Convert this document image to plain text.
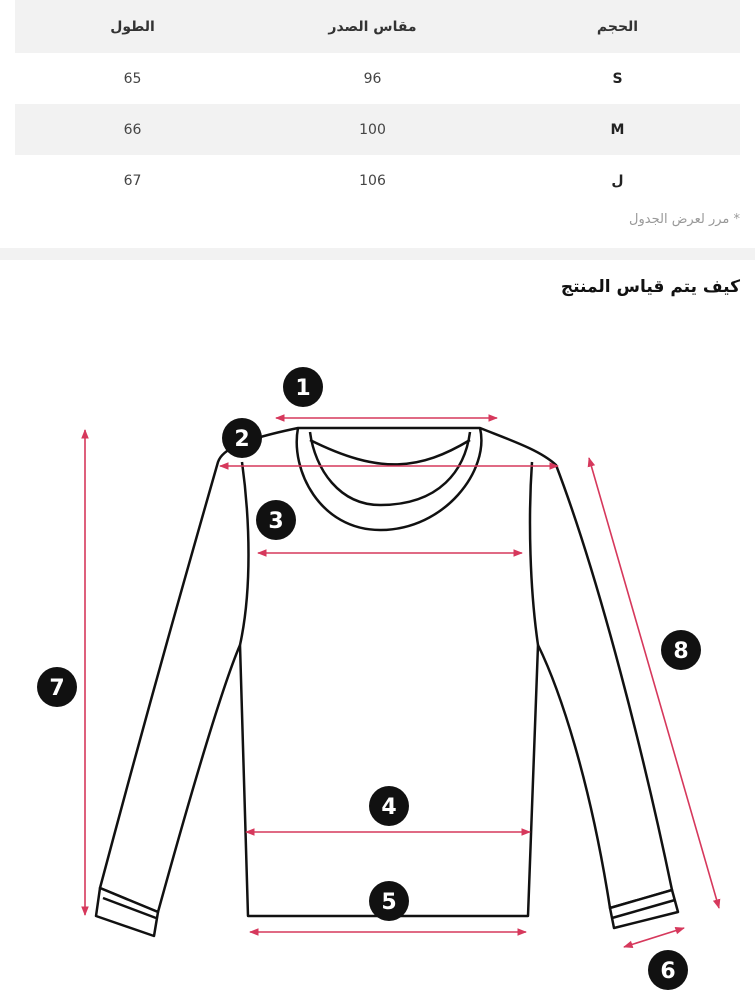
الحجم	مقاس الصدر	الطول
S	96	65
M	100	66
ل	106	67
* مرر لعرض الجدول
كيف يتم قياس المنتج
1
2
3
4
5
6
7
8
